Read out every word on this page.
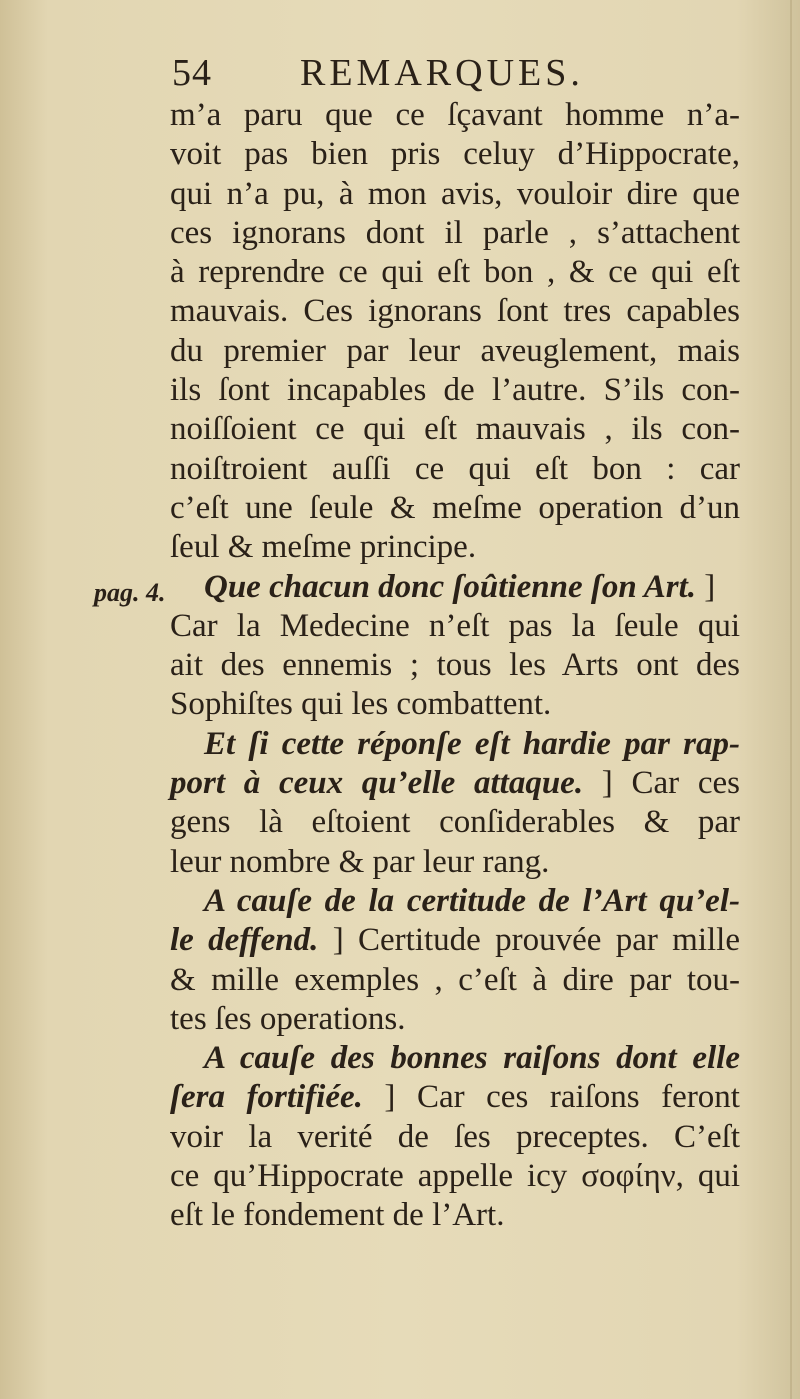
54 REMARQUES.
pag. 4.
m’a paru que ce ſçavant homme n’a-
voit pas bien pris celuy d’Hippocrate,
qui n’a pu, à mon avis, vouloir dire que
ces ignorans dont il parle , s’attachent
à reprendre ce qui eſt bon , & ce qui eſt
mauvais. Ces ignorans ſont tres capables
du premier par leur aveuglement, mais
ils ſont incapables de l’autre. S’ils con-
noiſſoient ce qui eſt mauvais , ils con-
noiſtroient auſſi ce qui eſt bon : car
c’eſt une ſeule & meſme operation d’un
ſeul & meſme principe.
Que chacun donc ſoûtienne ſon Art. ]
Car la Medecine n’eſt pas la ſeule qui
ait des ennemis ; tous les Arts ont des
Sophiſtes qui les combattent.
Et ſi cette réponſe eſt hardie par rap-
port à ceux qu’elle attaque. ] Car ces
gens là eſtoient conſiderables & par
leur nombre & par leur rang.
A cauſe de la certitude de l’Art qu’el-
le deffend. ] Certitude prouvée par mille
& mille exemples , c’eſt à dire par tou-
tes ſes operations.
A cauſe des bonnes raiſons dont elle
ſera fortifiée. ] Car ces raiſons feront
voir la verité de ſes preceptes. C’eſt
ce qu’Hippocrate appelle icy σοφίην, qui
eſt le fondement de l’Art.
